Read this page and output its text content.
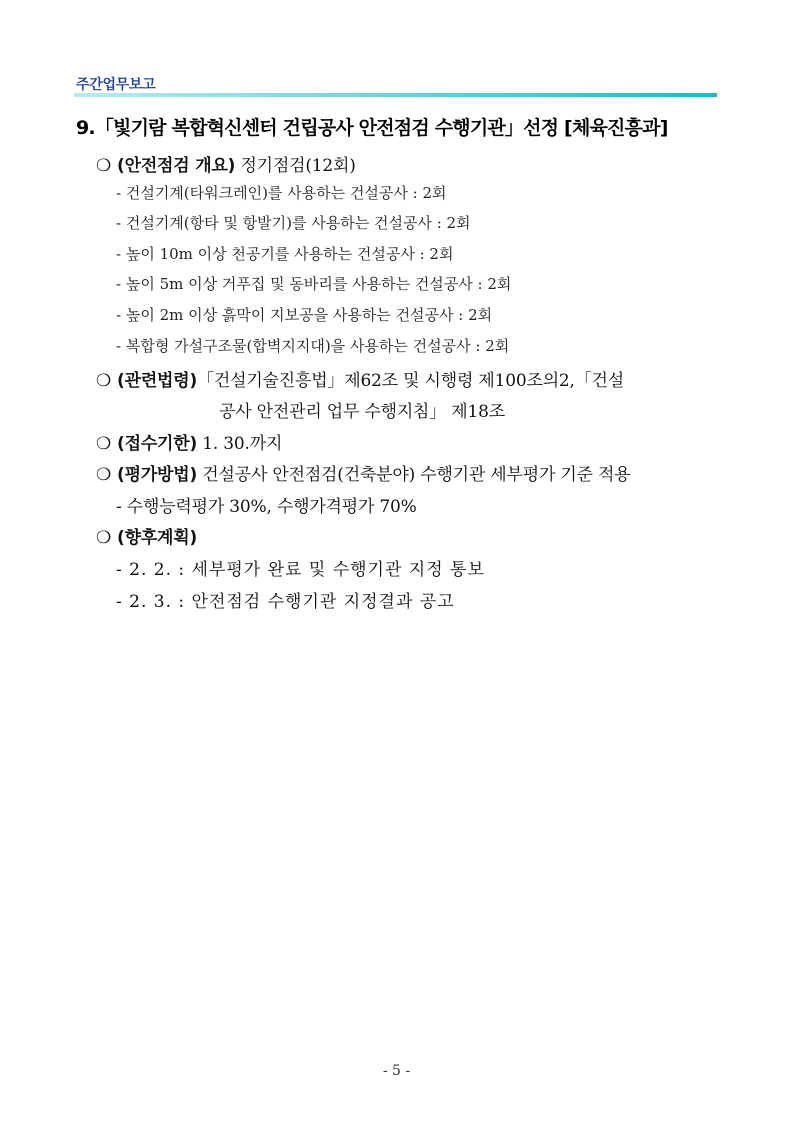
주간업무보고
9.「빛기람 복합혁신센터 건립공사 안전점검 수행기관」선정 [체육진흥과]
❍ (안전점검 개요) 정기점검(12회)
- 건설기계(타워크레인)를 사용하는 건설공사 : 2회
- 건설기계(항타 및 항발기)를 사용하는 건설공사 : 2회
- 높이 10m 이상 천공기를 사용하는 건설공사 : 2회
- 높이 5m 이상 거푸집 및 동바리를 사용하는 건설공사 : 2회
- 높이 2m 이상 흙막이 지보공을 사용하는 건설공사 : 2회
- 복합형 가설구조물(합벽지지대)을 사용하는 건설공사 : 2회
❍ (관련법령)「건설기술진흥법」제62조 및 시행령 제100조의2,「건설
공사 안전관리 업무 수행지침」 제18조
❍ (접수기한) 1. 30.까지
❍ (평가방법) 건설공사 안전점검(건축분야) 수행기관 세부평가 기준 적용
- 수행능력평가 30%, 수행가격평가 70%
❍ (향후계획)
- 2. 2. : 세부평가 완료 및 수행기관 지정 통보
- 2. 3. : 안전점검 수행기관 지정결과 공고
- 5 -
